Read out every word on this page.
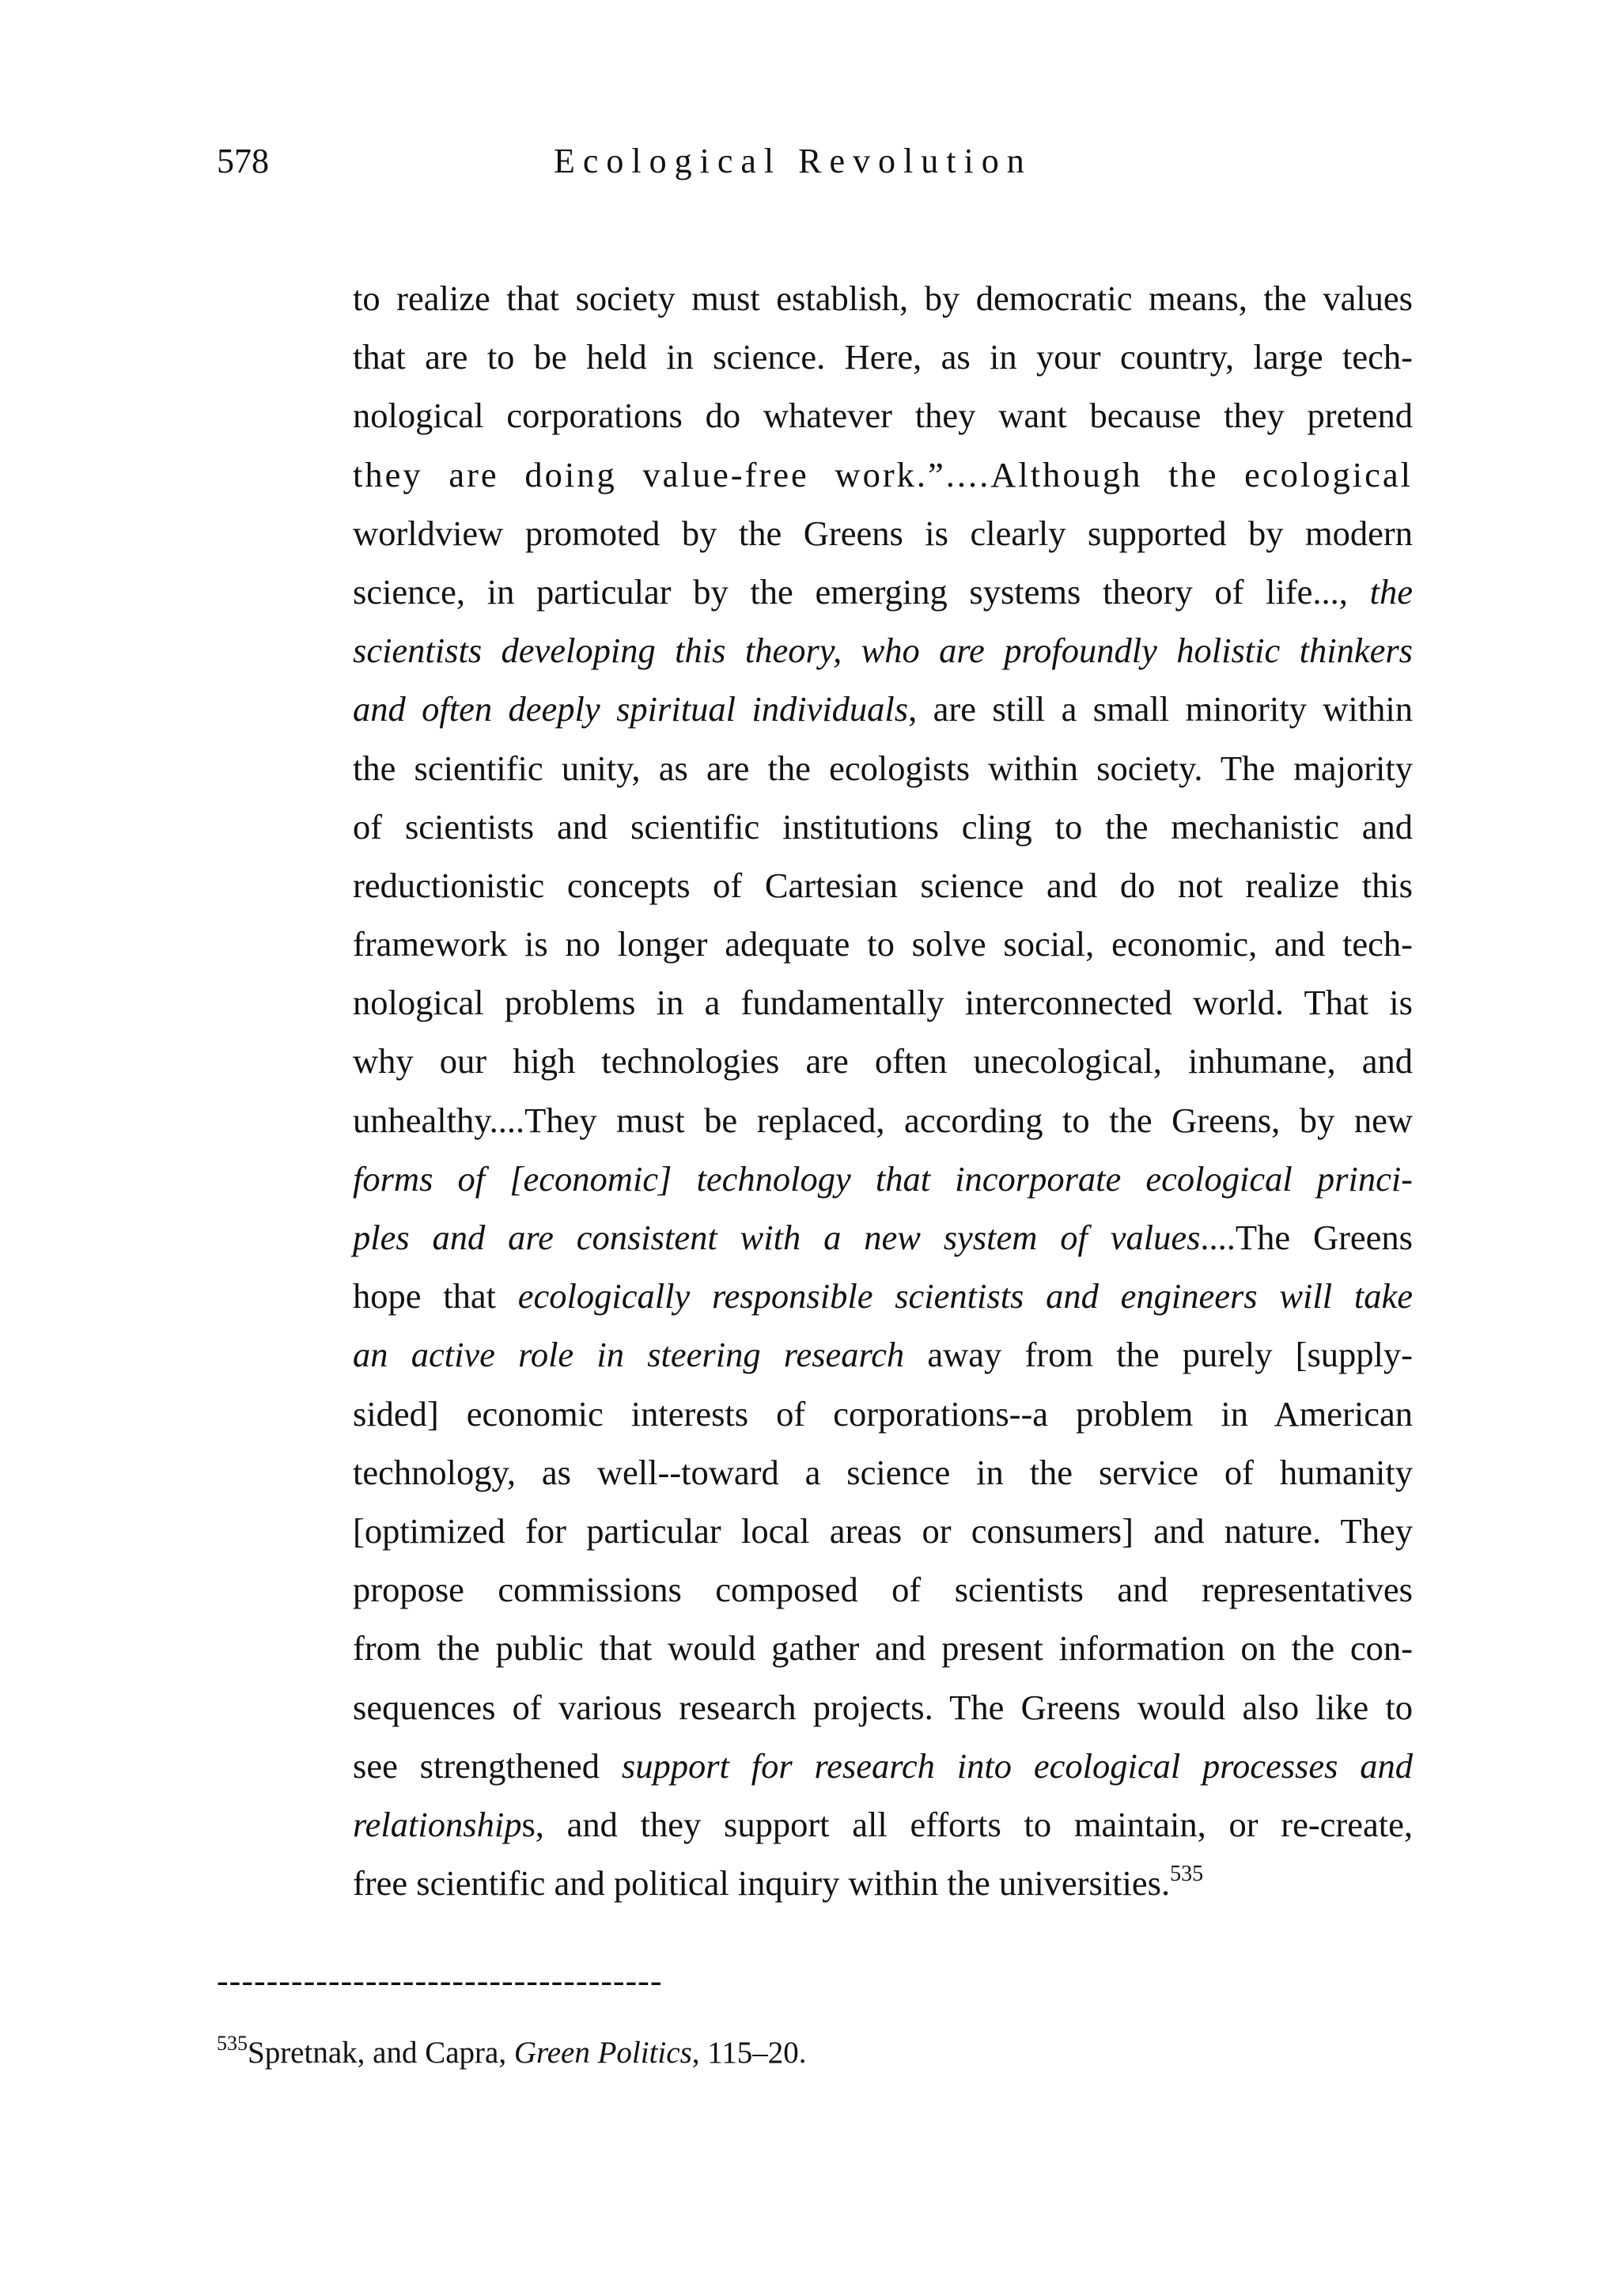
578	Ecological Revolution
to realize that society must establish, by democratic means, the values
that are to be held in science. Here, as in your country, large tech-
nological corporations do whatever they want because they pretend
they are doing value-free work.”....Although the ecological
worldview promoted by the Greens is clearly supported by modern
science, in particular by the emerging systems theory of life..., the
scientists developing this theory, who are profoundly holistic thinkers
and often deeply spiritual individuals, are still a small minority within
the scientific unity, as are the ecologists within society. The majority
of scientists and scientific institutions cling to the mechanistic and
reductionistic concepts of Cartesian science and do not realize this
framework is no longer adequate to solve social, economic, and tech-
nological problems in a fundamentally interconnected world. That is
why our high technologies are often unecological, inhumane, and
unhealthy....They must be replaced, according to the Greens, by new
forms of [economic] technology that incorporate ecological princi-
ples and are consistent with a new system of values....The Greens
hope that ecologically responsible scientists and engineers will take
an active role in steering research away from the purely [supply-
sided] economic interests of corporations--a problem in American
technology, as well--toward a science in the service of humanity
[optimized for particular local areas or consumers] and nature. They
propose commissions composed of scientists and representatives
from the public that would gather and present information on the con-
sequences of various research projects. The Greens would also like to
see strengthened support for research into ecological processes and
relationships, and they support all efforts to maintain, or re-create,
free scientific and political inquiry within the universities.$^{535}$
------------------------------------
$^{535}$Spretnak, and Capra, Green Politics, 115–20.
